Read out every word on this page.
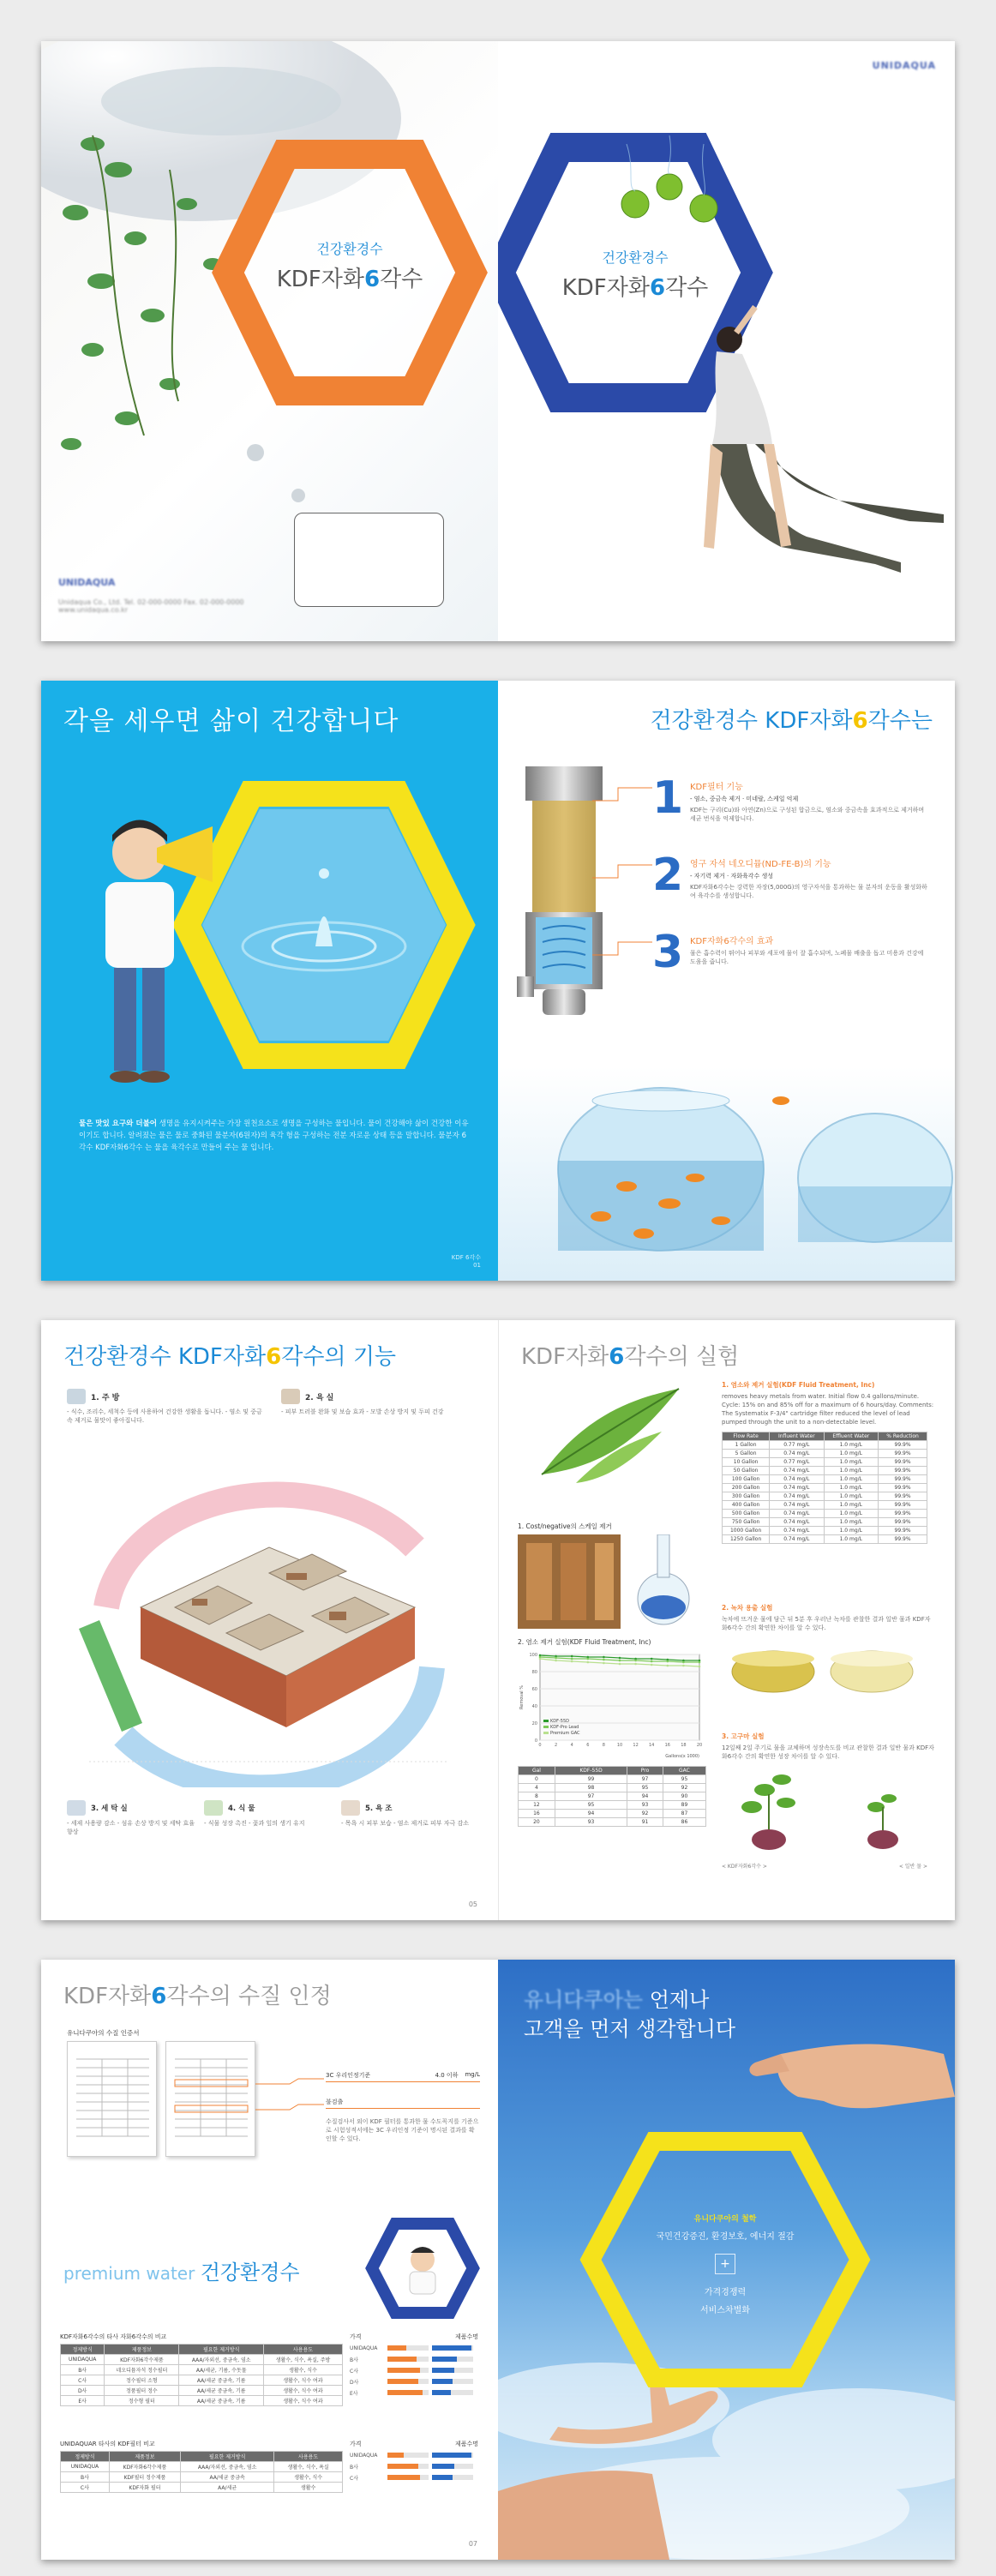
건강환경수
KDF자화6각수
UNIDAQUA
Unidaqua Co., Ltd. Tel. 02-000-0000 Fax. 02-000-0000 www.unidaqua.co.kr
UNIDAQUA
건강환경수
KDF자화6각수
각을 세우면 삶이 건강합니다
물은 맛있 요구와 더불어 생명을 유지시켜주는 가장 원천요소로 생명을 구성하는 물입니다. 물이 건강해야 삶이 건강한 이유이기도 합니다. 알려졌는 물은 물로 중화된 물분자(6원자)의 육각 형을 구성하는 전분 자로운 상태 등을 말합니다. 물분자 6각수 KDF자화6각수 는 물을 육각수로 만들어 주는 물 입니다.
KDF 6각수
01
건강환경수 KDF자화6각수는
1 KDF필터 기능
- 염소, 중금속 제거 · 미네랄, 스케일 억제
KDF는 구리(Cu)와 아연(Zn)으로 구성된 합금으로, 염소와 중금속을 효과적으로 제거하며 세균 번식을 억제합니다.
2 영구 자석 네오디뮴(ND-FE-B)의 기능
- 자기력 제거 · 자화육각수 생성
KDF자화6각수는 강력한 자장(5,000G)의 영구자석을 통과하는 물 분자의 운동을 활성화하여 육각수를 생성합니다.
3 KDF자화6각수의 효과
물은 흡수력이 뛰어나 피부와 세포에 물이 잘 흡수되며, 노폐물 배출을 돕고 미용과 건강에 도움을 줍니다.
건강환경수 KDF자화6각수의 기능
1. 주 방
- 식수, 조리수, 세척수 등에 사용하여 건강한 생활을 돕니다. - 염소 및 중금속 제거로 물맛이 좋아집니다.
2. 욕 실
- 피부 트러블 완화 및 보습 효과 - 모발 손상 방지 및 두피 건강
3. 세 탁 실
- 세제 사용량 감소 - 섬유 손상 방지 및 세탁 효율 향상
4. 식 물
- 식물 성장 촉진 - 꽃과 잎의 생기 유지
5. 욕 조
- 목욕 시 피부 보습 - 염소 제거로 피부 자극 감소
05
KDF자화6각수의 실험
1. Cost/negative의 스케일 제거
2. 염소 제거 실험(KDF Fluid Treatment, Inc)
0
20
40
60
80
100
0	2	4	6	8	10 12 14 16 18 20
Gallons(x 1000)
Removal %
KDF-55D
KDF-Pro Lead
Premium GAC
Gal	KDF-55D	Pro	GAC
0	99	97	95
4	98	95	92
8	97	94	90
12	95	93	89
16	94	92	87
20	93	91	86
1. 염소와 제거 실험(KDF Fluid Treatment, Inc)
removes heavy metals from water. Initial flow 0.4 gallons/minute. Cycle: 15% on and 85% off for a maximum of 6 hours/day. Comments: The Systematix F-3/4" cartridge filter reduced the level of lead pumped through the unit to a non-detectable level.
Flow Rate	Influent Water	Effluent Water	% Reduction
1 Gallon	0.77 mg/L	1.0 mg/L	99.9%
5 Gallon	0.74 mg/L	1.0 mg/L	99.9%
10 Gallon	0.77 mg/L	1.0 mg/L	99.9%
50 Gallon	0.74 mg/L	1.0 mg/L	99.9%
100 Gallon	0.74 mg/L	1.0 mg/L	99.9%
200 Gallon	0.74 mg/L	1.0 mg/L	99.9%
300 Gallon	0.74 mg/L	1.0 mg/L	99.9%
400 Gallon	0.74 mg/L	1.0 mg/L	99.9%
500 Gallon	0.74 mg/L	1.0 mg/L	99.9%
750 Gallon	0.74 mg/L	1.0 mg/L	99.9%
1000 Gallon	0.74 mg/L	1.0 mg/L	99.9%
1250 Gallon	0.74 mg/L	1.0 mg/L	99.9%
2. 녹차 용출 실험
녹차에 뜨거운 물에 담근 뒤 5분 후 우러난 녹차를 관찰한 결과 일반 물과 KDF자화6각수 간의 확연한 차이를 알 수 있다.
3. 고구마 실험
12일째 2일 주기로 물을 교체하며 성장속도를 비교 관찰한 결과 일반 물과 KDF자화6각수 간의 확연한 성장 차이를 알 수 있다.
< KDF자화6각수 >	< 일반 물 >
KDF자화6각수의 수질 인정
유니다쿠아의 수질 인증서
3C 우리인정기준	4.0 이하 mg/L
불검출
수질검사서 외이 KDF 필터를 통과한 물 수도꼭지를 기준으로 시험성적서에는 3C 우리인정 기준이 명시된 결과를 확인할 수 있다.
premium water 건강환경수
KDF자화6각수의 타사 자화6각수의 비교
정제방식	제품정보	필요한 제거방식	사용용도
UNIDAQUA	KDF자화6각수제품	AAA/자외선, 중금속, 염소	생활수, 식수, 욕실, 주방
B사	네오디뮴자석 정수필터	AA/세균, 기름, 수돗물	생활수, 식수
C사	정수필터 소형	AA/세균 중금속, 기름	생활수, 식수 여과
D사	정품필터 정수	AA/세균 중금속, 기름	생활수, 식수 여과
E사	정수형 필터	AA/세균 중금속, 기름	생활수, 식수 여과
가격	제품수명
UNIDAQUA
B사
C사
D사
E사
UNIDAQUAR 타사의 KDF필터 비교
정제방식	제품정보	필요한 제거방식	사용용도
UNIDAQUA	KDF자화6각수제품	AAA/자외선, 중금속, 염소	생활수, 식수, 욕실
B사	KDF필터 정수제품	AA/세균 중금속	생활수, 식수
C사	KDF자화 필터	AA/세균	생활수
가격	제품수명
UNIDAQUA
B사
C사
07
유니다쿠아는 언제나
고객을 먼저 생각합니다
유니다쿠아의 철학
국민건강증진, 환경보호, 에너지 절감
+
가격경쟁력
서비스차별화
